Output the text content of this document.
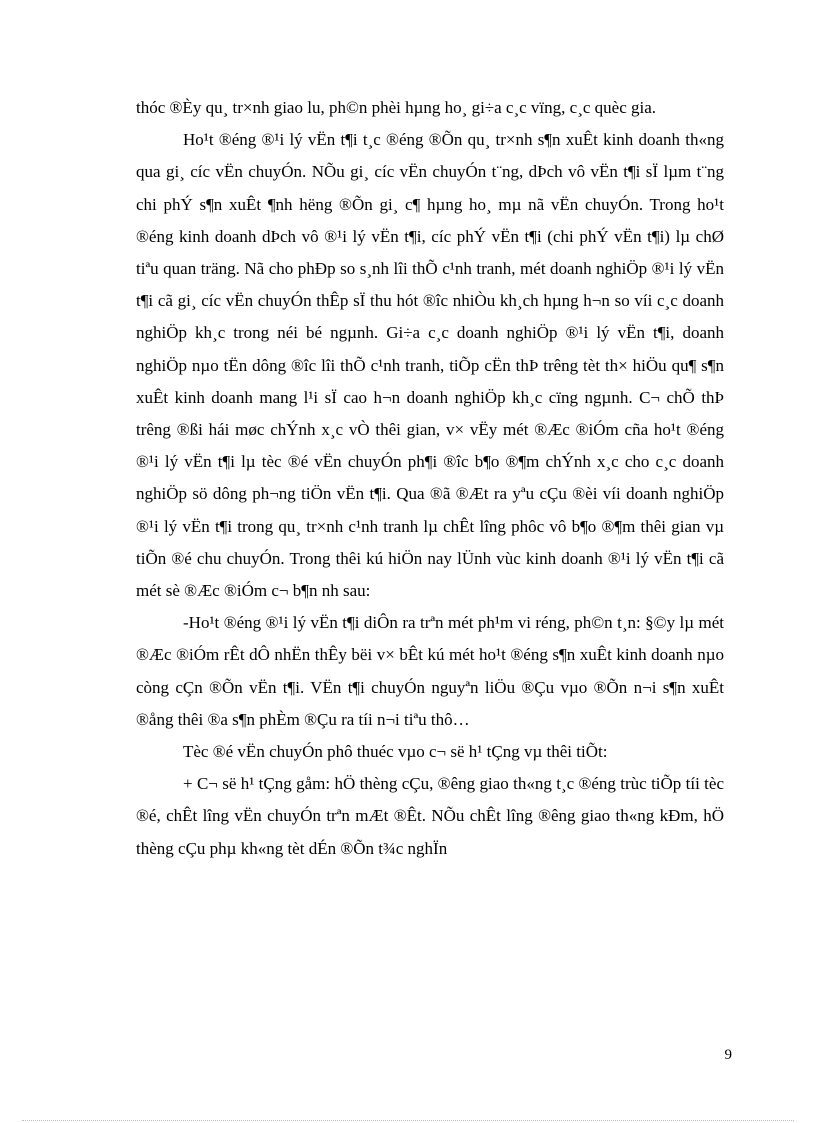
thóc ®Èy qu¸ tr×nh giao lu, ph©n phèi hµng ho¸ gi÷a c¸c vïng, c¸c quèc gia.

Ho¹t ®éng ®¹i lý vËn t¶i t¸c ®éng ®Õn qu¸ tr×nh s¶n xuÊt kinh doanh th«ng qua gi¸ cíc vËn chuyÓn. NÕu gi¸ cíc vËn chuyÓn t¨ng, dÞch vô vËn t¶i sÏ lµm t¨ng chi phÝ s¶n xuÊt ¶nh hëng ®Õn gi¸ c¶ hµng ho¸ mµ nã vËn chuyÓn. Trong ho¹t ®éng kinh doanh dÞch vô ®¹i lý vËn t¶i, cíc phÝ vËn t¶i (chi phÝ vËn t¶i) lµ chØ tiªu quan träng. Nã cho phÐp so s¸nh lîi thÕ c¹nh tranh, mét doanh nghiÖp ®¹i lý vËn t¶i cã gi¸ cíc vËn chuyÓn thÊp sÏ thu hót ®îc nhiÒu kh¸ch hµng h¬n so víi c¸c doanh nghiÖp kh¸c trong néi bé ngµnh. Gi÷a c¸c doanh nghiÖp ®¹i lý vËn t¶i, doanh nghiÖp nµo tËn dông ®îc lîi thÕ c¹nh tranh, tiÕp cËn thÞ trêng tèt th× hiÖu qu¶ s¶n xuÊt kinh doanh mang l¹i sÏ cao h¬n doanh nghiÖp kh¸c cïng ngµnh. C¬ chÕ thÞ trêng ®ßi hái møc chÝnh x¸c vÒ thêi gian, v× vËy mét ®Æc ®iÓm cña ho¹t ®éng ®¹i lý vËn t¶i lµ tèc ®é vËn chuyÓn ph¶i ®îc b¶o ®¶m chÝnh x¸c cho c¸c doanh nghiÖp sö dông ph¬ng tiÖn vËn t¶i. Qua ®ã ®Æt ra yªu cÇu ®èi víi doanh nghiÖp ®¹i lý vËn t¶i trong qu¸ tr×nh c¹nh tranh lµ chÊt lîng phôc vô b¶o ®¶m thêi gian vµ tiÕn ®é chu chuyÓn. Trong thêi kú hiÖn nay lÜnh vùc kinh doanh ®¹i lý vËn t¶i cã mét sè ®Æc ®iÓm c¬ b¶n nh sau:

-Ho¹t ®éng ®¹i lý vËn t¶i diÔn ra trªn mét ph¹m vi réng, ph©n t¸n: §©y lµ mét ®Æc ®iÓm rÊt dÔ nhËn thÊy bëi v× bÊt kú mét ho¹t ®éng s¶n xuÊt kinh doanh nµo còng cÇn ®Õn vËn t¶i. VËn t¶i chuyÓn nguyªn liÖu ®Çu vµo ®Õn n¬i s¶n xuÊt ®ång thêi ®a s¶n phÈm ®Çu ra tíi n¬i tiªu thô…

Tèc ®é vËn chuyÓn phô thuéc vµo c¬ së h¹ tÇng vµ thêi tiÕt:

+ C¬ së h¹ tÇng gåm: hÖ thèng cÇu, ®êng giao th«ng t¸c ®éng trùc tiÕp tíi tèc ®é, chÊt lîng vËn chuyÓn trªn mÆt ®Êt. NÕu chÊt lîng ®êng giao th«ng kÐm, hÖ thèng cÇu phµ kh«ng tèt dÉn ®Õn t¾c nghÏn

9
